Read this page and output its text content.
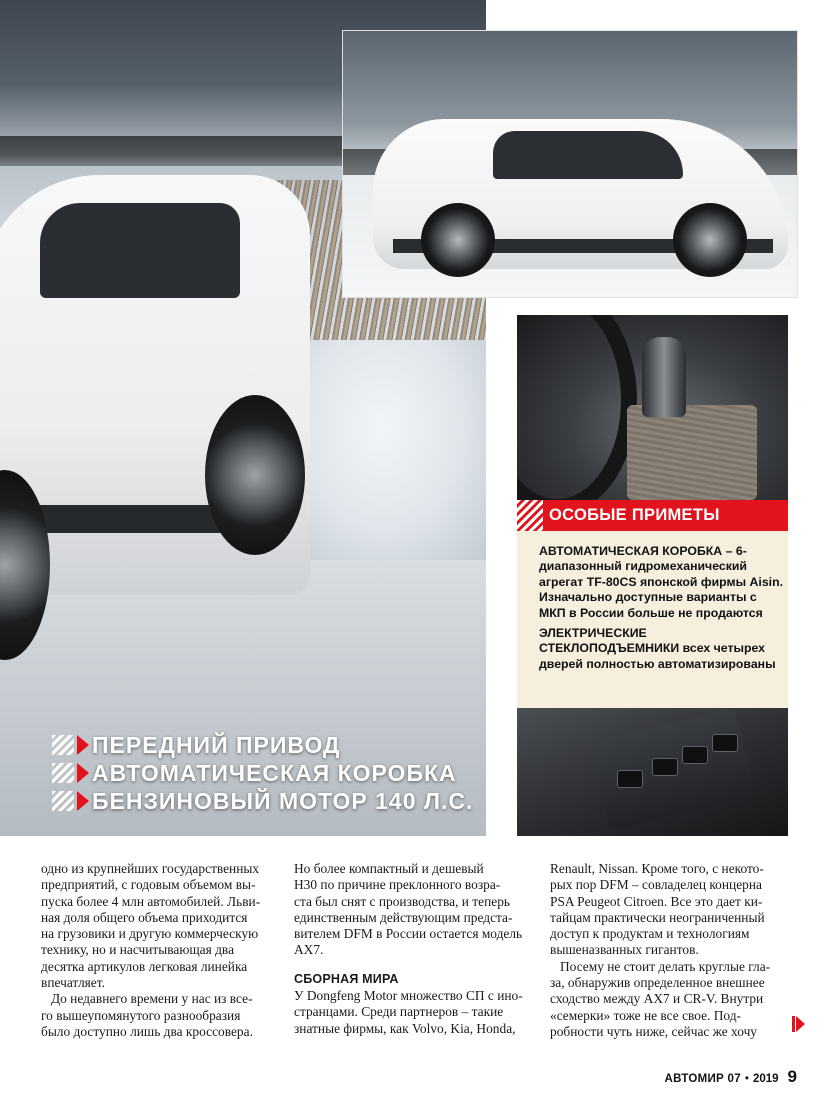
ПЕРЕДНИЙ ПРИВОД
АВТОМАТИЧЕСКАЯ КОРОБКА
БЕНЗИНОВЫЙ МОТОР 140 Л.С.
ОСОБЫЕ ПРИМЕТЫ

АВТОМАТИЧЕСКАЯ КОРОБКА – 6-диапазонный гидромеханический агрегат TF-80CS японской фирмы Aisin. Изначально доступные варианты с МКП в России больше не продаются

ЭЛЕКТРИЧЕСКИЕ СТЕКЛОПОДЪЕМНИКИ всех четырех дверей полностью автоматизированы

одно из крупнейших государственных
предприятий, с годовым объемом вы-
пуска более 4 млн автомобилей. Льви-
ная доля общего объема приходится
на грузовики и другую коммерческую
технику, но и насчитывающая два
десятка артикулов легковая линейка
впечатляет.
До недавнего времени у нас из все-
го вышеупомянутого разнообразия
было доступно лишь два кроссовера.
Но более компактный и дешевый
H30 по причине преклонного возра-
ста был снят с производства, и теперь
единственным действующим предста-
вителем DFM в России остается модель
AX7.
СБОРНАЯ МИРА
У Dongfeng Motor множество СП с ино-
странцами. Среди партнеров – такие
знатные фирмы, как Volvo, Kia, Honda,
Renault, Nissan. Кроме того, с некото-
рых пор DFM – совладелец концерна
PSA Peugeot Citroen. Все это дает ки-
тайцам практически неограниченный
доступ к продуктам и технологиям
вышеназванных гигантов.
Посему не стоит делать круглые гла-
за, обнаружив определенное внешнее
сходство между AX7 и CR-V. Внутри
«семерки» тоже не все свое. Под-
робности чуть ниже, сейчас же хочу
АВТОМИР 07 • 2019 9
